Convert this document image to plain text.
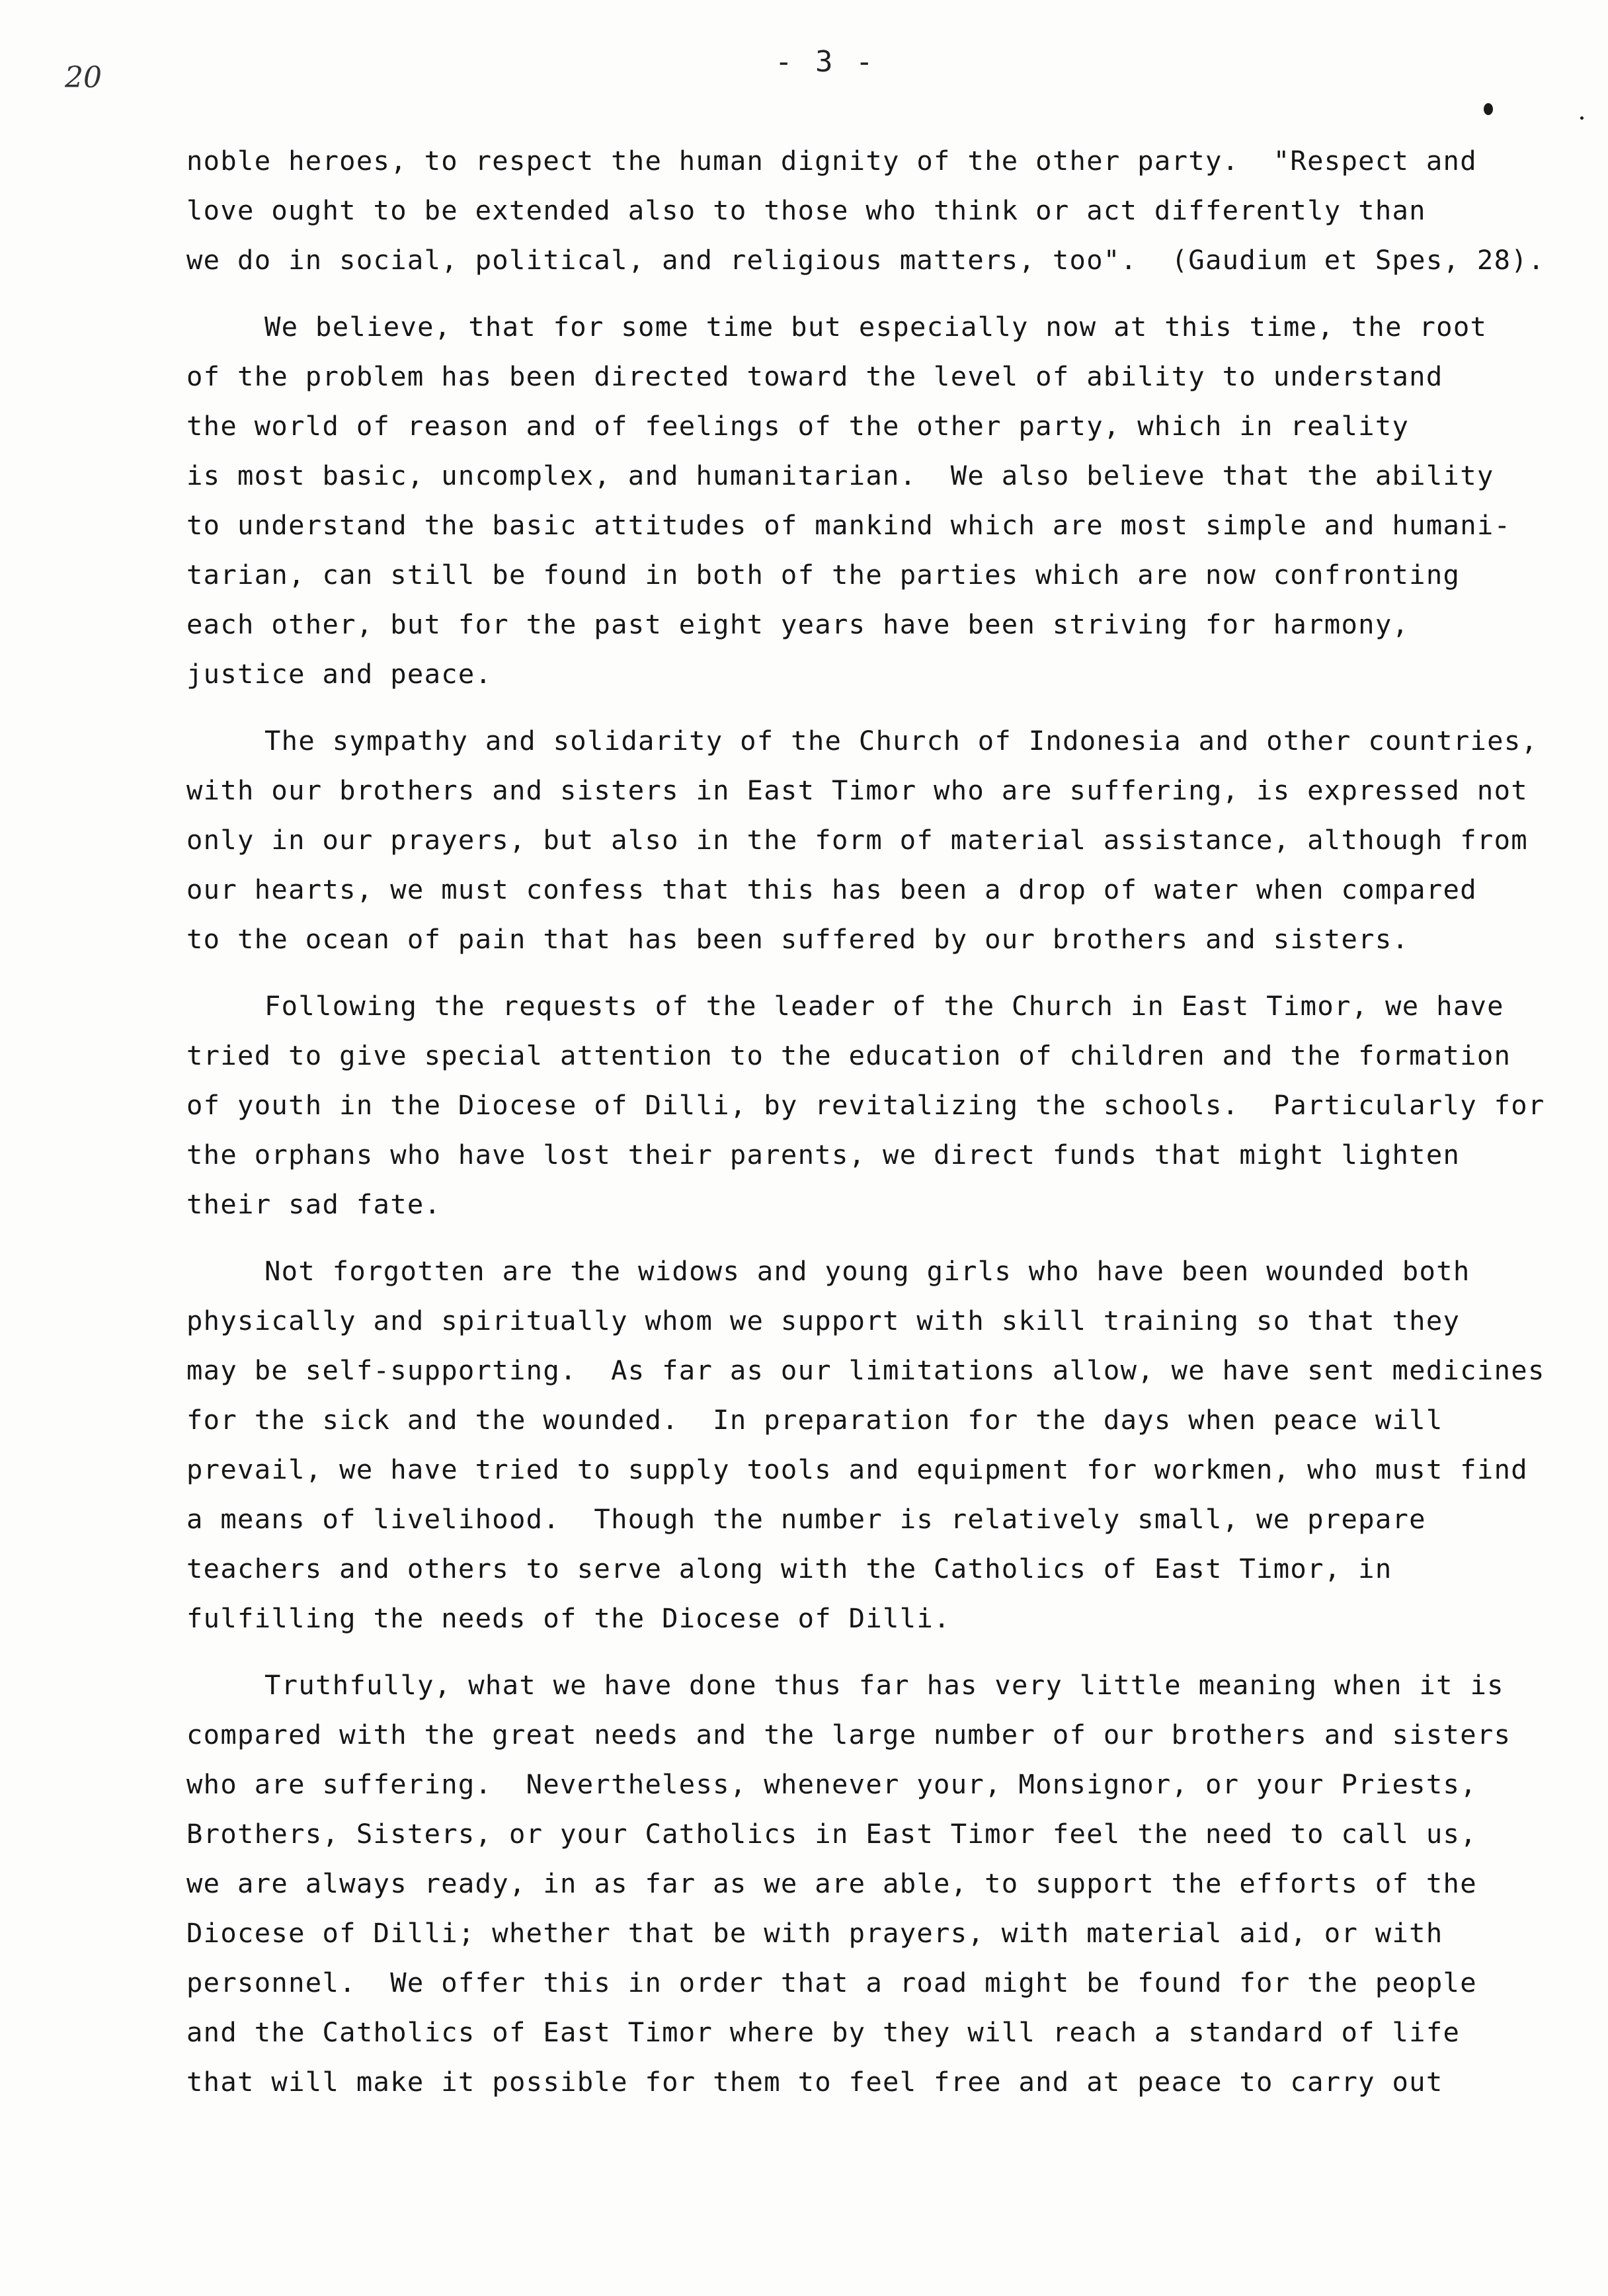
20	- 3 -
noble heroes, to respect the human dignity of the other party.  "Respect and
love ought to be extended also to those who think or act differently than
we do in social, political, and religious matters, too".  (Gaudium et Spes, 28).
We believe, that for some time but especially now at this time, the root
of the problem has been directed toward the level of ability to understand
the world of reason and of feelings of the other party, which in reality
is most basic, uncomplex, and humanitarian.  We also believe that the ability
to understand the basic attitudes of mankind which are most simple and humani-
tarian, can still be found in both of the parties which are now confronting
each other, but for the past eight years have been striving for harmony,
justice and peace.
The sympathy and solidarity of the Church of Indonesia and other countries,
with our brothers and sisters in East Timor who are suffering, is expressed not
only in our prayers, but also in the form of material assistance, although from
our hearts, we must confess that this has been a drop of water when compared
to the ocean of pain that has been suffered by our brothers and sisters.
Following the requests of the leader of the Church in East Timor, we have
tried to give special attention to the education of children and the formation
of youth in the Diocese of Dilli, by revitalizing the schools.  Particularly for
the orphans who have lost their parents, we direct funds that might lighten
their sad fate.
Not forgotten are the widows and young girls who have been wounded both
physically and spiritually whom we support with skill training so that they
may be self-supporting.  As far as our limitations allow, we have sent medicines
for the sick and the wounded.  In preparation for the days when peace will
prevail, we have tried to supply tools and equipment for workmen, who must find
a means of livelihood.  Though the number is relatively small, we prepare
teachers and others to serve along with the Catholics of East Timor, in
fulfilling the needs of the Diocese of Dilli.
Truthfully, what we have done thus far has very little meaning when it is
compared with the great needs and the large number of our brothers and sisters
who are suffering.  Nevertheless, whenever your, Monsignor, or your Priests,
Brothers, Sisters, or your Catholics in East Timor feel the need to call us,
we are always ready, in as far as we are able, to support the efforts of the
Diocese of Dilli; whether that be with prayers, with material aid, or with
personnel.  We offer this in order that a road might be found for the people
and the Catholics of East Timor where by they will reach a standard of life
that will make it possible for them to feel free and at peace to carry out
